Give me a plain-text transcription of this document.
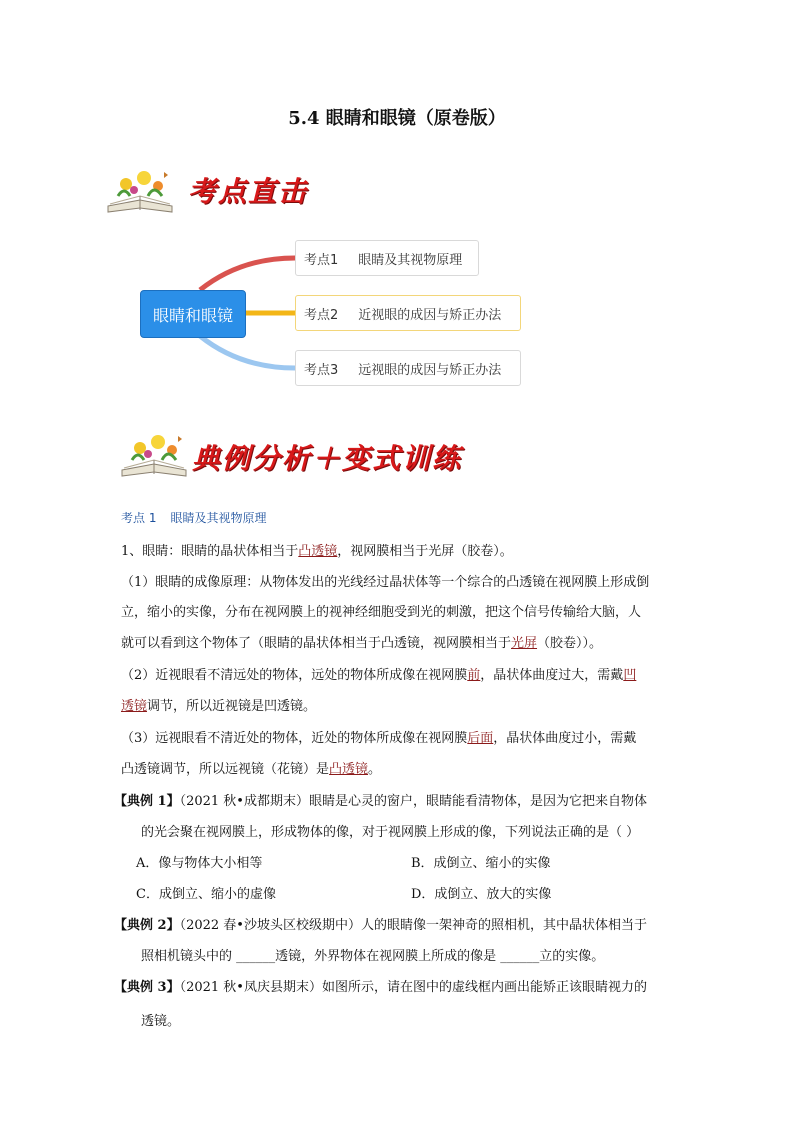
5.4 眼睛和眼镜（原卷版）
考点直击
眼睛和眼镜
考点1 眼睛及其视物原理
考点2 近视眼的成因与矫正办法
考点3 远视眼的成因与矫正办法
典例分析＋变式训练
考点 1 眼睛及其视物原理
1、眼睛：眼睛的晶状体相当于凸透镜，视网膜相当于光屏（胶卷）。
（1）眼睛的成像原理：从物体发出的光线经过晶状体等一个综合的凸透镜在视网膜上形成倒
立，缩小的实像，分布在视网膜上的视神经细胞受到光的刺激，把这个信号传输给大脑，人
就可以看到这个物体了（眼睛的晶状体相当于凸透镜，视网膜相当于光屏（胶卷））。
（2）近视眼看不清远处的物体，远处的物体所成像在视网膜前，晶状体曲度过大，需戴凹
透镜调节，所以近视镜是凹透镜。
（3）远视眼看不清近处的物体，近处的物体所成像在视网膜后面，晶状体曲度过小，需戴
凸透镜调节，所以远视镜（花镜）是凸透镜。
【典例 1】（2021 秋•成都期末）眼睛是心灵的窗户，眼睛能看清物体，是因为它把来自物体
的光会聚在视网膜上，形成物体的像，对于视网膜上形成的像，下列说法正确的是（ ）
A．像与物体大小相等	B．成倒立、缩小的实像
C．成倒立、缩小的虚像	D．成倒立、放大的实像
【典例 2】（2022 春•沙坡头区校级期中）人的眼睛像一架神奇的照相机，其中晶状体相当于
照相机镜头中的 ______透镜，外界物体在视网膜上所成的像是 ______立的实像。
【典例 3】（2021 秋•凤庆县期末）如图所示，请在图中的虚线框内画出能矫正该眼睛视力的
透镜。
